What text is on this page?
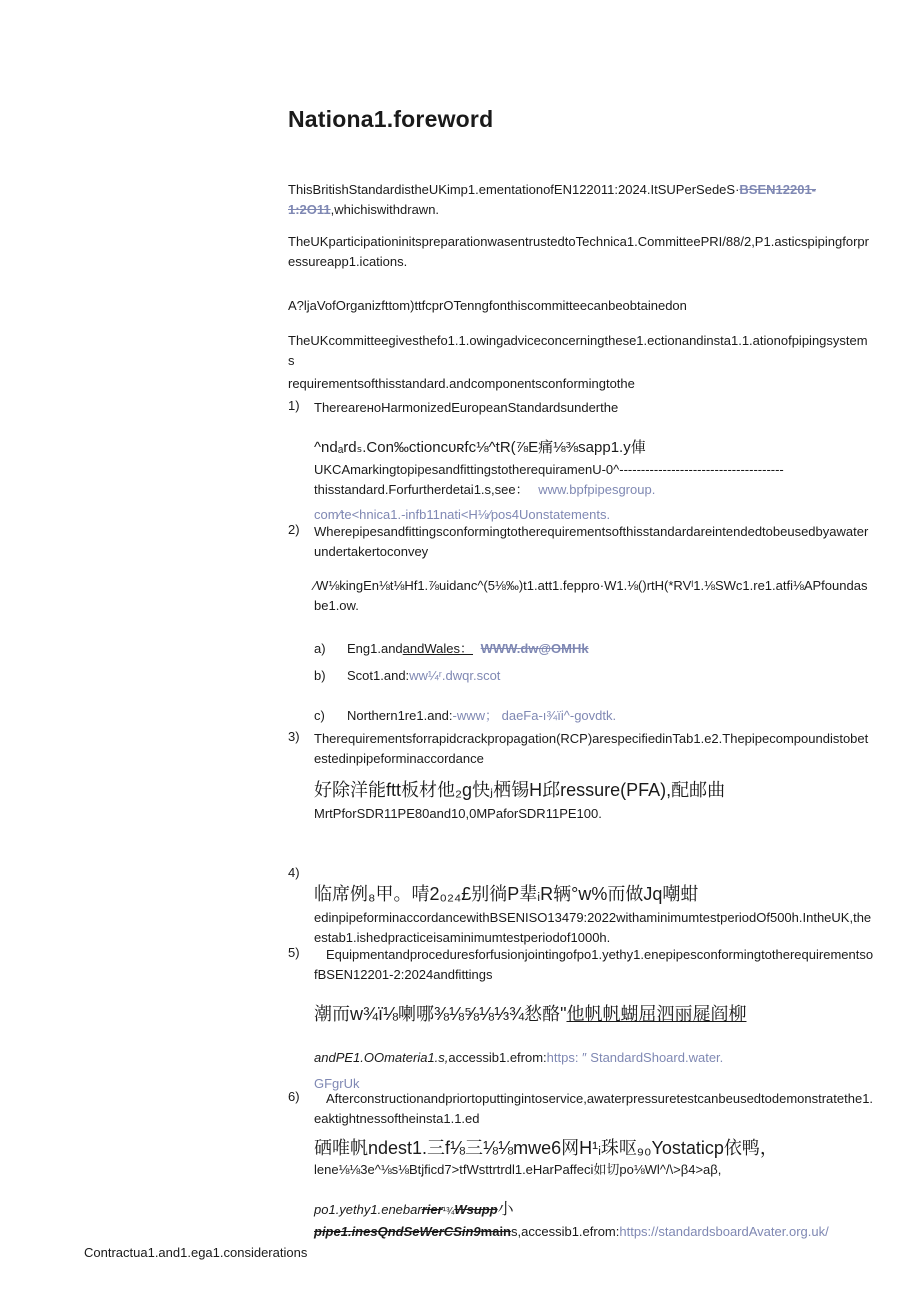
Nationa1.foreword
ThisBritishStandardistheUKimp1.ementationofEN122011:2024.ItSUPerSedeS·BSEN12201-
1:2O11,whichiswithdrawn.
TheUKparticipationinitspreparationwasentrustedtoTechnica1.CommitteePRI/88/2,P1.asticspipingforpressureapp1.ications.
A?ljaVofOrganizfttom)ttfcprOTenngfonthiscommitteecanbeobtainedon
TheUKcommitteegivesthefo1.1.owingadviceconcerningthese1.ectionandinsta1.1.ationofpipingsystems
requirementsofthisstandard.andcomponentsconformingtothe
1) ThereareноHarmonizedEuropeanStandardsunderthe
^ndₐrdₛ.Con‰ctionᴄᴜʀfc⅛^tR(⅞E痛⅛⅜sapp1.y俥
UKCAmarkingtopipesandfittingstotherequiramenU-0^--------------------------------------
thisstandard.Forfurtherdetai1.s,see： www.bpfpipesgroup.
com⁄te<hnica1.-infb11nati<H⅛⁄pos4Uonstatements.
2) Wherepipesandfittingsconformingtotherequirementsofthisstandardareintendedtobeusedbyawaterundertakertoconvey
⁄W⅛kingEn⅛t⅛Hf1.⅞uidanc^(5⅛‰)t1.att1.feppro·W1.⅛()rtH(*RVˡ1.⅛SWc1.re1.atfi⅛APfoundasbe1.ow.
a) Eng1.andandWales： WWW.dw@OMHk
b) Scot1.and:ww¼ʳ.dwqr.scot
c) Northern1re1.and:-www； daeFa-ı¾ïi^-govdtk.
3) Therequirementsforrapidcrackpropagation(RCP)arespecifiedinTab1.e2.Thepipecompoundistobetestedinpipeforminaccordance
好除洋能ftt板材他₂g快ⱼ栖锡H邱ressure(PFA),配邮曲
MrtPforSDR11PE80and10,0MPaforSDR11PE100.
4)
临席例₈甲。啨2₀₂₄£别徜P辈ᵢR辆°w%而做Jq嘲蚶
edinpipeforminaccordancewithBSENISO13479:2022withaminimumtestperiodOf500h.IntheUK,theestab1.ishedpracticeisaminimumtestperiodof1000h.
5)	Equipmentandproceduresforfusionjointingofpo1.yethy1.enepipesconformingtotherequirementsofBSEN12201-2:2024andfittings
潮而w¾ï⅛喇哪⅜⅛⅝⅛⅓¾悐酪"他帆帆蝴屈泗丽屣阎柳
andPE1.OOmateria1.s,accessib1.efrom:https: ″ StandardShoard.water.
GFgrUk
6)	Afterconstructionandpriortoputtingintoservice,awaterpressuretestcanbeusedtodemonstratethe1.eaktightnessoftheinsta1.1.ed
硒唯帆ndest1.三f⅛三⅛⅛mwe6网H¹ᵢ珠呕₉₀Yostaticp依鸭，
lene⅛⅛3e^⅛s⅛Btjficd7>tfWsttrtrdl1.eHarPaffeci如切po⅛Wl^/\>β4>aβ,
po1.yethy1.enebarrier¹¾Wsupp小
pipe1.inesQndSeWerCSin9mains,accessib1.efrom:https://standardsboardAvater.org.uk/
Contractua1.and1.ega1.considerations
